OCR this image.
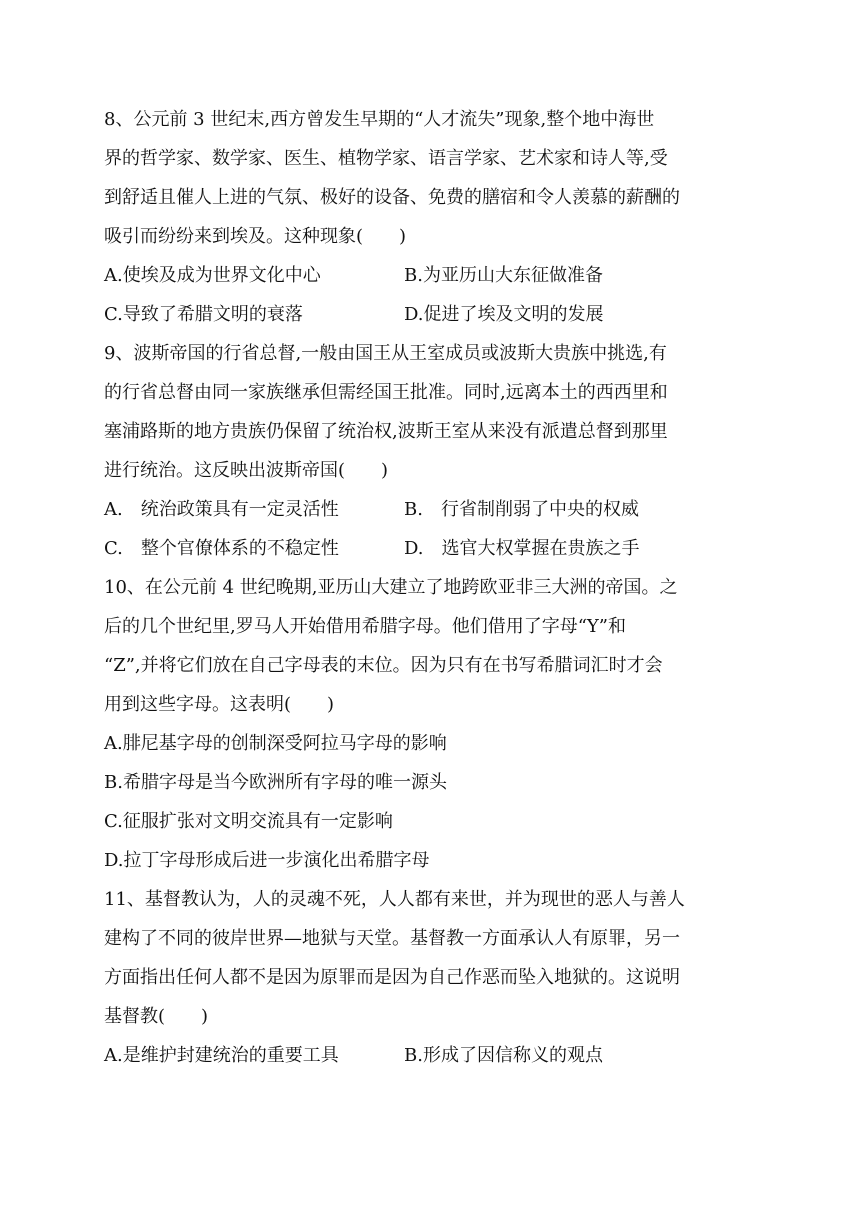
8、公元前 3 世纪末,西方曾发生早期的“人才流失”现象,整个地中海世
界的哲学家、数学家、医生、植物学家、语言学家、艺术家和诗人等,受
到舒适且催人上进的气氛、极好的设备、免费的膳宿和令人羡慕的薪酬的
吸引而纷纷来到埃及。这种现象(　　)
A.使埃及成为世界文化中心	B.为亚历山大东征做准备
C.导致了希腊文明的衰落	D.促进了埃及文明的发展
9、波斯帝国的行省总督,一般由国王从王室成员或波斯大贵族中挑选,有
的行省总督由同一家族继承但需经国王批准。同时,远离本土的西西里和
塞浦路斯的地方贵族仍保留了统治权,波斯王室从来没有派遣总督到那里
进行统治。这反映出波斯帝国(　　)
A.　统治政策具有一定灵活性	B.　行省制削弱了中央的权威
C.　整个官僚体系的不稳定性	D.　选官大权掌握在贵族之手
10、在公元前 4 世纪晚期,亚历山大建立了地跨欧亚非三大洲的帝国。之
后的几个世纪里,罗马人开始借用希腊字母。他们借用了字母“Y”和
“Z”,并将它们放在自己字母表的末位。因为只有在书写希腊词汇时才会
用到这些字母。这表明(　　)
A.腓尼基字母的创制深受阿拉马字母的影响
B.希腊字母是当今欧洲所有字母的唯一源头
C.征服扩张对文明交流具有一定影响
D.拉丁字母形成后进一步演化出希腊字母
11、基督教认为，人的灵魂不死，人人都有来世，并为现世的恶人与善人
建构了不同的彼岸世界—地狱与天堂。基督教一方面承认人有原罪，另一
方面指出任何人都不是因为原罪而是因为自己作恶而坠入地狱的。这说明
基督教(　　)
A.是维护封建统治的重要工具	B.形成了因信称义的观点
